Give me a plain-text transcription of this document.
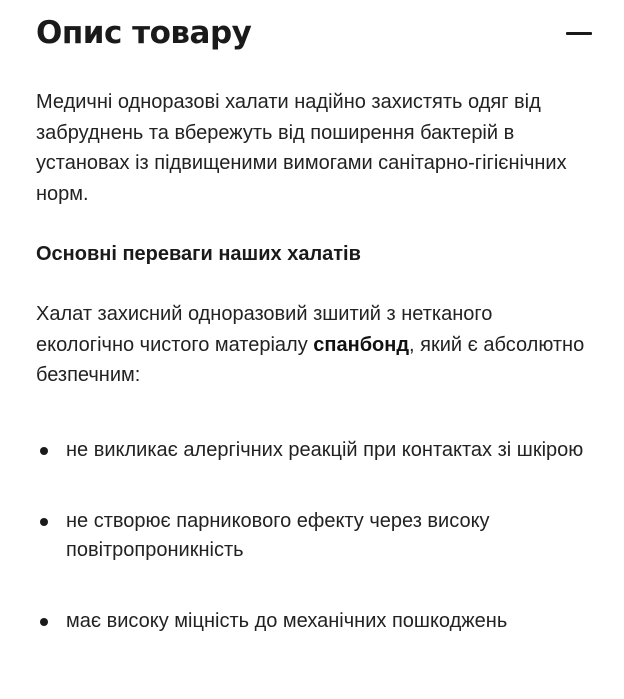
Опис товару

Медичні одноразові халати надійно захистять одяг від забруднень та вбережуть від поширення бактерій в установах із підвищеними вимогами санітарно-гігієнічних норм.

Основні переваги наших халатів

Халат захисний одноразовий зшитий з нетканого екологічно чистого матеріалу спанбонд, який є абсолютно безпечним:

не викликає алергічних реакцій при контактах зі шкірою
не створює парникового ефекту через високу повітропроникність
має високу міцність до механічних пошкоджень
